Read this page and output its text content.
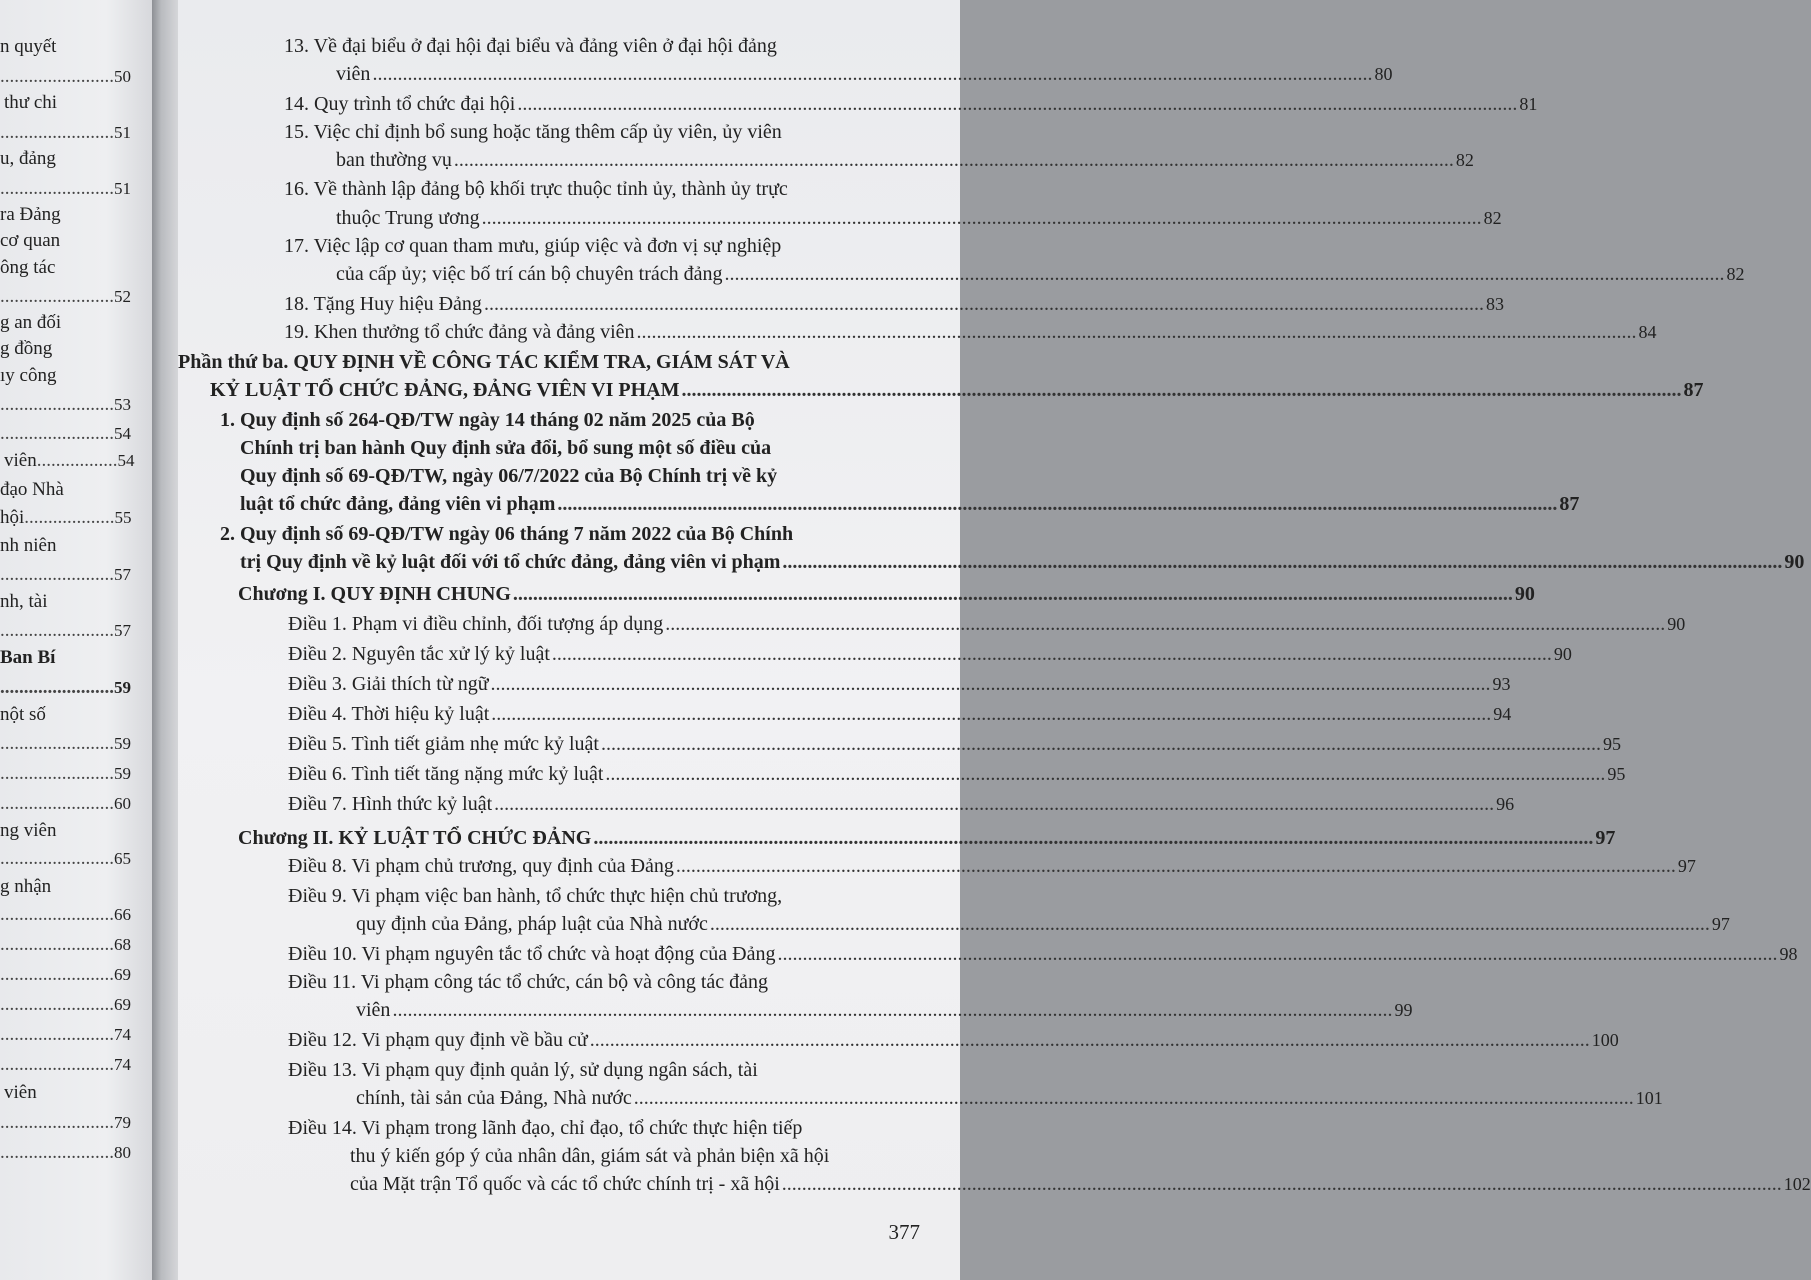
n quyết
........................50
thư chi
........................51
u, đảng
........................51
ra Đảng
cơ quan
ông tác
........................52
g an đối
g đồng
ıy công
........................53
........................54
viên.................54
đạo Nhà
hội...................55
nh niên
........................57
nh, tài
........................57
Ban Bí
........................59
nột số
........................59
........................59
........................60
ng viên
........................65
g nhận
........................66
........................68
........................69
........................69
........................74
........................74
viên
........................79
........................80
377
13. Về đại biểu ở đại hội đại biểu và đảng viên ở đại hội đảng
viên ........................................................................................................................................................................................................ 80
14. Quy trình tổ chức đại hội ........................................................................................................................................................................................................ 81
15. Việc chỉ định bổ sung hoặc tăng thêm cấp ủy viên, ủy viên
ban thường vụ ........................................................................................................................................................................................................ 82
16. Về thành lập đảng bộ khối trực thuộc tỉnh ủy, thành ủy trực
thuộc Trung ương ........................................................................................................................................................................................................ 82
17. Việc lập cơ quan tham mưu, giúp việc và đơn vị sự nghiệp
của cấp ủy; việc bố trí cán bộ chuyên trách đảng ........................................................................................................................................................................................................ 82
18. Tặng Huy hiệu Đảng ........................................................................................................................................................................................................ 83
19. Khen thưởng tổ chức đảng và đảng viên ........................................................................................................................................................................................................ 84
Phần thứ ba. QUY ĐỊNH VỀ CÔNG TÁC KIỂM TRA, GIÁM SÁT VÀ
KỶ LUẬT TỔ CHỨC ĐẢNG, ĐẢNG VIÊN VI PHẠM ........................................................................................................................................................................................................ 87
1. Quy định số 264-QĐ/TW ngày 14 tháng 02 năm 2025 của Bộ
Chính trị ban hành Quy định sửa đổi, bổ sung một số điều của
Quy định số 69-QĐ/TW, ngày 06/7/2022 của Bộ Chính trị về kỷ
luật tổ chức đảng, đảng viên vi phạm ........................................................................................................................................................................................................ 87
2. Quy định số 69-QĐ/TW ngày 06 tháng 7 năm 2022 của Bộ Chính
trị Quy định về kỷ luật đối với tổ chức đảng, đảng viên vi phạm ........................................................................................................................................................................................................ 90
Chương I. QUY ĐỊNH CHUNG ........................................................................................................................................................................................................ 90
Điều 1. Phạm vi điều chỉnh, đối tượng áp dụng ........................................................................................................................................................................................................ 90
Điều 2. Nguyên tắc xử lý kỷ luật ........................................................................................................................................................................................................ 90
Điều 3. Giải thích từ ngữ ........................................................................................................................................................................................................ 93
Điều 4. Thời hiệu kỷ luật ........................................................................................................................................................................................................ 94
Điều 5. Tình tiết giảm nhẹ mức kỷ luật ........................................................................................................................................................................................................ 95
Điều 6. Tình tiết tăng nặng mức kỷ luật ........................................................................................................................................................................................................ 95
Điều 7. Hình thức kỷ luật ........................................................................................................................................................................................................ 96
Chương II. KỶ LUẬT TỔ CHỨC ĐẢNG ........................................................................................................................................................................................................ 97
Điều 8. Vi phạm chủ trương, quy định của Đảng ........................................................................................................................................................................................................ 97
Điều 9. Vi phạm việc ban hành, tổ chức thực hiện chủ trương,
quy định của Đảng, pháp luật của Nhà nước ........................................................................................................................................................................................................ 97
Điều 10. Vi phạm nguyên tắc tổ chức và hoạt động của Đảng ........................................................................................................................................................................................................ 98
Điều 11. Vi phạm công tác tổ chức, cán bộ và công tác đảng
viên ........................................................................................................................................................................................................ 99
Điều 12. Vi phạm quy định về bầu cử ........................................................................................................................................................................................................ 100
Điều 13. Vi phạm quy định quản lý, sử dụng ngân sách, tài
chính, tài sản của Đảng, Nhà nước ........................................................................................................................................................................................................ 101
Điều 14. Vi phạm trong lãnh đạo, chỉ đạo, tổ chức thực hiện tiếp
thu ý kiến góp ý của nhân dân, giám sát và phản biện xã hội
của Mặt trận Tổ quốc và các tổ chức chính trị - xã hội ........................................................................................................................................................................................................ 102
